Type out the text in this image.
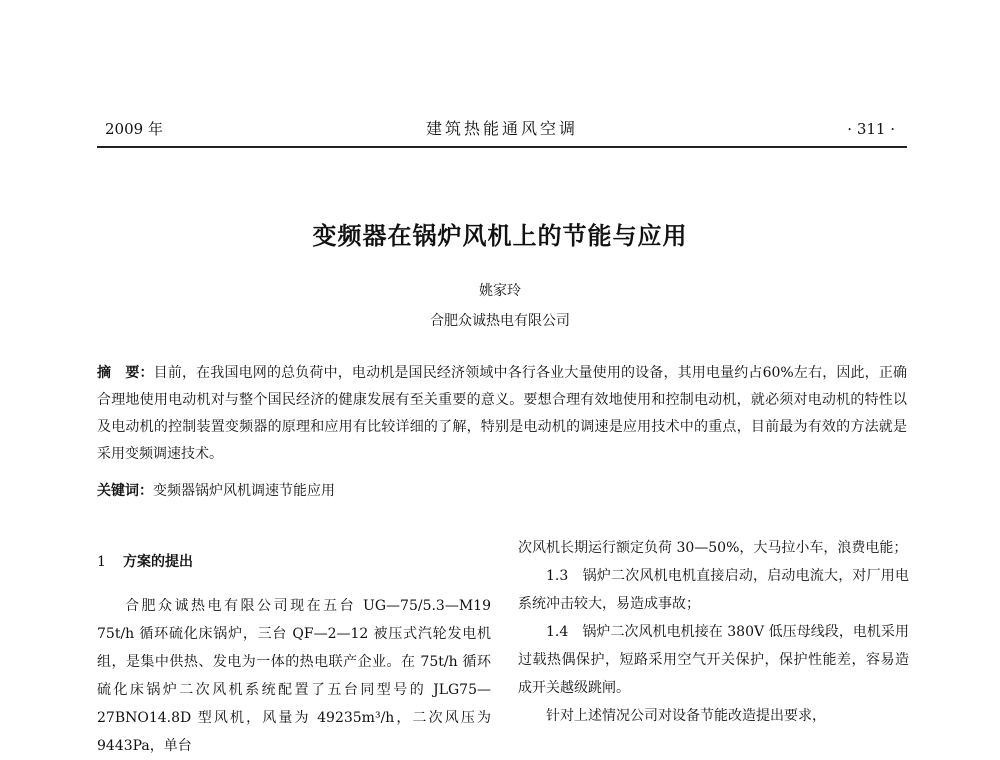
2009 年	建筑热能通风空调	· 311 ·
变频器在锅炉风机上的节能与应用
姚家玲
合肥众诚热电有限公司
摘　要：目前，在我国电网的总负荷中，电动机是国民经济领域中各行各业大量使用的设备，其用电量约占60%左右，因此，正确合理地使用电动机对与整个国民经济的健康发展有至关重要的意义。要想合理有效地使用和控制电动机，就必须对电动机的特性以及电动机的控制装置变频器的原理和应用有比较详细的了解，特别是电动机的调速是应用技术中的重点，目前最为有效的方法就是采用变频调速技术。
关键词：变频器锅炉风机调速节能应用
1 方案的提出

合肥众诚热电有限公司现在五台 UG—75/5.3—M19 75t/h 循环硫化床锅炉，三台 QF—2—12 被压式汽轮发电机组，是集中供热、发电为一体的热电联产企业。在 75t/h 循环硫化床锅炉二次风机系统配置了五台同型号的 JLG75—27BNO14.8D 型风机，风量为 49235m³/h，二次风压为 9443Pa，单台

次风机长期运行额定负荷 30—50%，大马拉小车，浪费电能；

1.3　锅炉二次风机电机直接启动，启动电流大，对厂用电系统冲击较大，易造成事故；

1.4　锅炉二次风机电机接在 380V 低压母线段，电机采用过载热偶保护，短路采用空气开关保护，保护性能差，容易造成开关越级跳闸。

针对上述情况公司对设备节能改造提出要求，
